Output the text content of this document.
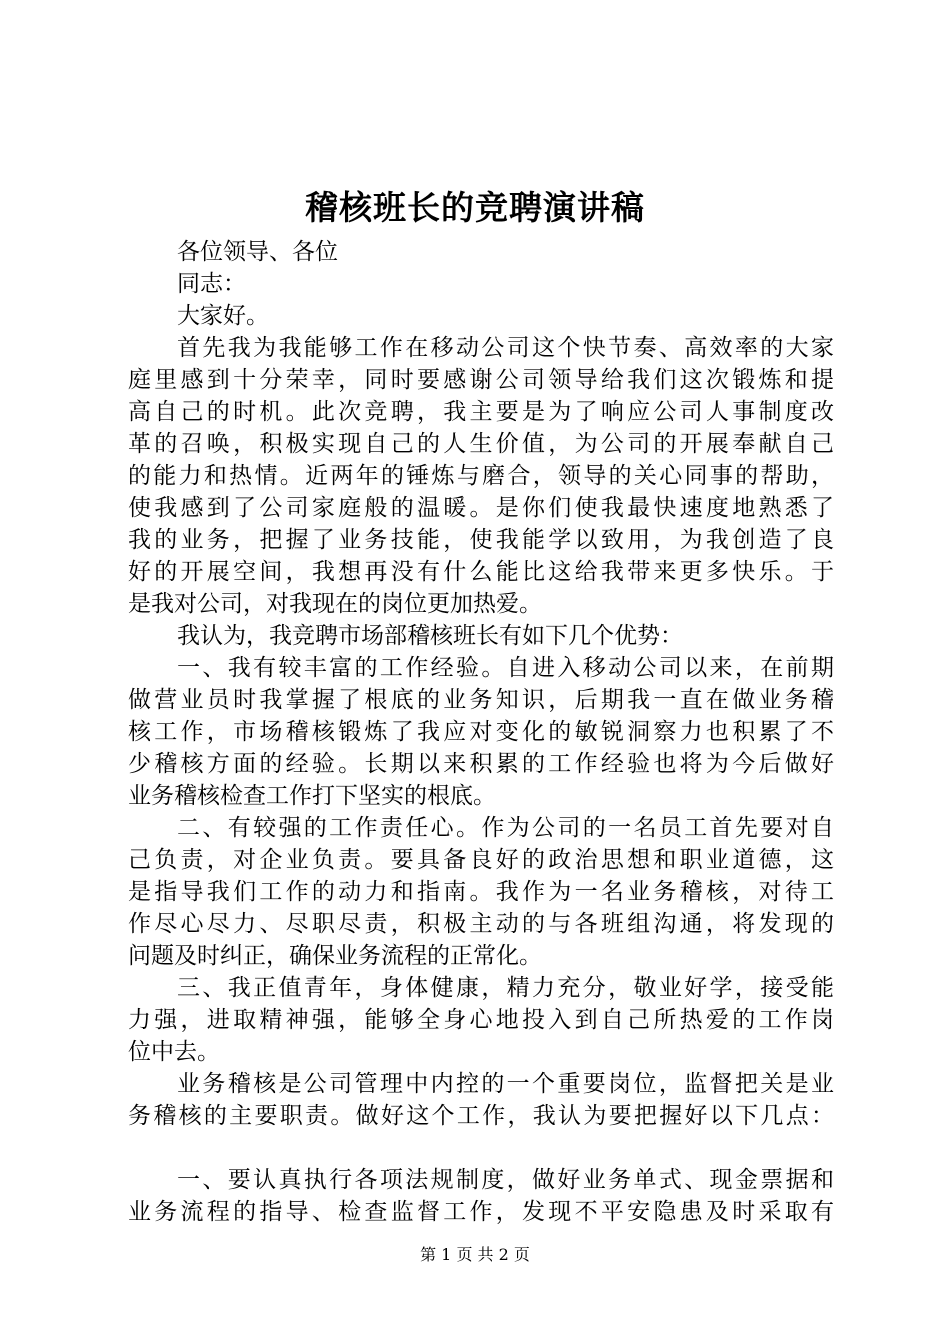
稽核班长的竞聘演讲稿
各位领导、各位
同志：
大家好。
首先我为我能够工作在移动公司这个快节奏、高效率的大家
庭里感到十分荣幸，同时要感谢公司领导给我们这次锻炼和提
高自己的时机。此次竞聘，我主要是为了响应公司人事制度改
革的召唤，积极实现自己的人生价值，为公司的开展奉献自己
的能力和热情。近两年的锤炼与磨合，领导的关心同事的帮助，
使我感到了公司家庭般的温暖。是你们使我最快速度地熟悉了
我的业务，把握了业务技能，使我能学以致用，为我创造了良
好的开展空间，我想再没有什么能比这给我带来更多快乐。于
是我对公司，对我现在的岗位更加热爱。
我认为，我竞聘市场部稽核班长有如下几个优势：
一、我有较丰富的工作经验。自进入移动公司以来，在前期
做营业员时我掌握了根底的业务知识，后期我一直在做业务稽
核工作，市场稽核锻炼了我应对变化的敏锐洞察力也积累了不
少稽核方面的经验。长期以来积累的工作经验也将为今后做好
业务稽核检查工作打下坚实的根底。
二、有较强的工作责任心。作为公司的一名员工首先要对自
己负责，对企业负责。要具备良好的政治思想和职业道德，这
是指导我们工作的动力和指南。我作为一名业务稽核，对待工
作尽心尽力、尽职尽责，积极主动的与各班组沟通，将发现的
问题及时纠正，确保业务流程的正常化。
三、我正值青年，身体健康，精力充分，敬业好学，接受能
力强，进取精神强，能够全身心地投入到自己所热爱的工作岗
位中去。
业务稽核是公司管理中内控的一个重要岗位，监督把关是业
务稽核的主要职责。做好这个工作，我认为要把握好以下几点：
一、要认真执行各项法规制度，做好业务单式、现金票据和
业务流程的指导、检查监督工作，发现不平安隐患及时采取有
第 1 页 共 2 页
